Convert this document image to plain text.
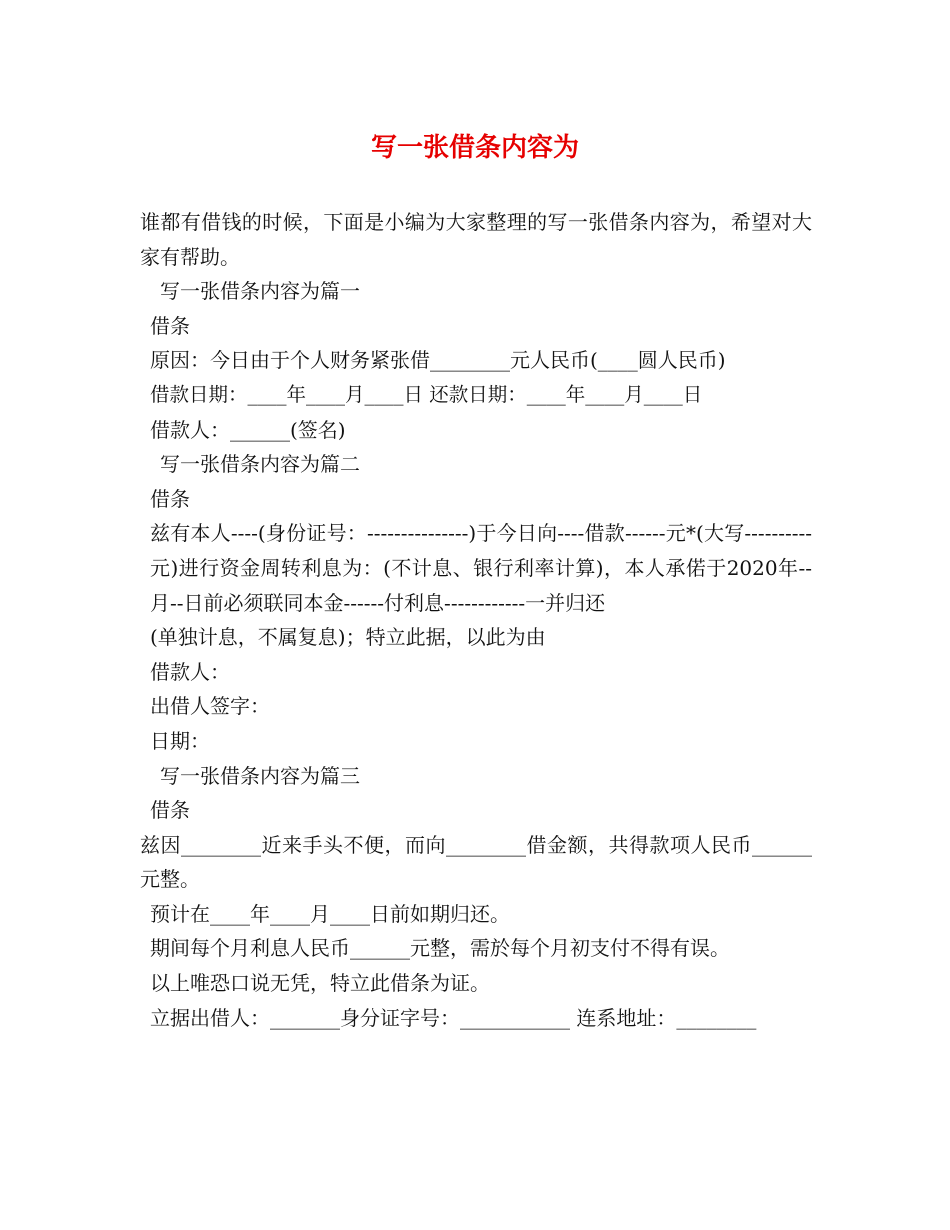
写一张借条内容为

谁都有借钱的时候，下面是小编为大家整理的写一张借条内容为，希望对大家有帮助。

写一张借条内容为篇一

借条

原因：今日由于个人财务紧张借________元人民币(____圆人民币)

借款日期：____年____月____日 还款日期：____年____月____日

借款人：______(签名)

写一张借条内容为篇二

借条

兹有本人----(身份证号：---------------)于今日向----借款------元*(大写----------元)进行资金周转利息为：(不计息、银行利率计算)，本人承偌于2020年--月--日前必须联同本金------付利息------------一并归还

(单独计息，不属复息)；特立此据，以此为由

借款人：

出借人签字：

日期：

写一张借条内容为篇三

借条

兹因________近来手头不便，而向________借金额，共得款项人民币______元整。

预计在____年____月____日前如期归还。

期间每个月利息人民币______元整，需於每个月初支付不得有误。

以上唯恐口说无凭，特立此借条为证。

立据出借人：_______身分证字号：___________ 连系地址：________
